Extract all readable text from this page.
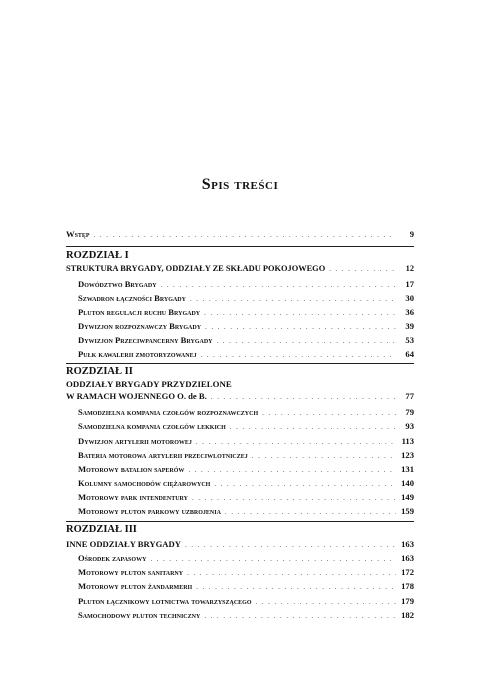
Spis treści
Wstęp . . .	9
ROZDZIAŁ I
STRUKTURA BRYGADY, ODDZIAŁY ZE SKŁADU POKOJOWEGO . . .	12
Dowództwo Brygady . . .	17
Szwadron łączności Brygady . . .	30
Pluton regulacji ruchu Brygady . . .	36
Dywizjon rozpoznawczy Brygady . . .	39
Dywizjon Przeciwpancerny Brygady . . .	53
Pułk kawalerii zmotoryzowanej . . .	64
ROZDZIAŁ II
ODDZIAŁY BRYGADY PRZYDZIELONE
W RAMACH WOJENNEGO O. de B. . . .	77
Samodzielna kompania czołgów rozpoznawczych . . .	79
Samodzielna kompania czołgów lekkich . . .	93
Dywizjon artylerii motorowej . . .	113
Bateria motorowa artylerii przeciwlotniczej . . .	123
Motorowy batalion saperów . . .	131
Kolumny samochodów ciężarowych . . .	140
Motorowy park intendentury . . .	149
Motorowy pluton parkowy uzbrojenia . . .	159
ROZDZIAŁ III
INNE ODDZIAŁY BRYGADY . . .	163
Ośrodek zapasowy . . .	163
Motorowy pluton sanitarny . . .	172
Motorowy pluton żandarmerii . . .	178
Pluton łącznikowy lotnictwa towarzyszącego . . .	179
Samochodowy pluton techniczny . . .	182
